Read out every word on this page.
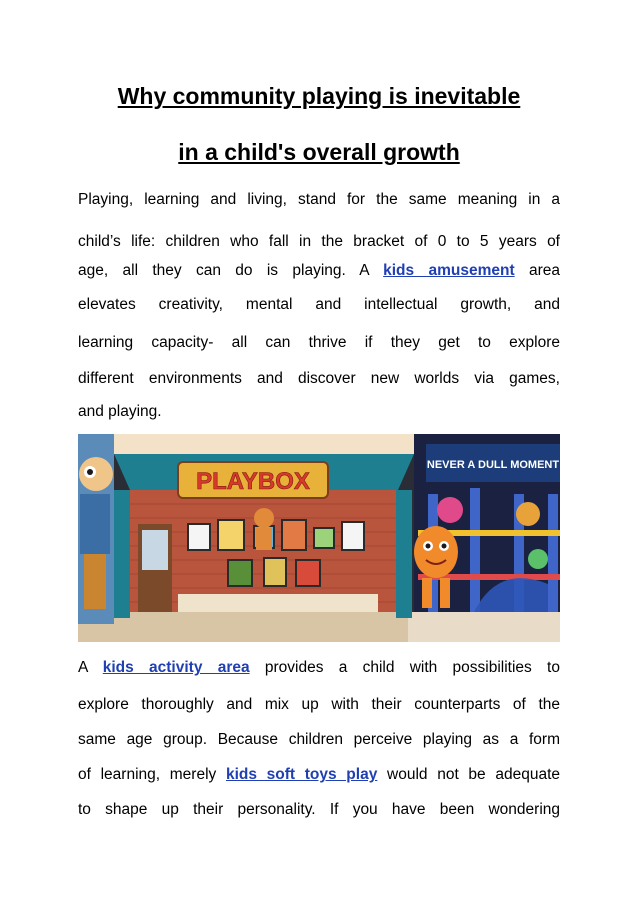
Why community playing is inevitable
in a child's overall growth
Playing, learning and living, stand for the same meaning in a
child’s life: children who fall in the bracket of 0 to 5 years of
age, all they can do is playing. A kids amusement area
elevates creativity, mental and intellectual growth, and
learning capacity- all can thrive if they get to explore
different environments and discover new worlds via games,
and playing.
PLAYBOX
NEVER A DULL MOMENT
A kids activity area provides a child with possibilities to
explore thoroughly and mix up with their counterparts of the
same age group. Because children perceive playing as a form
of learning, merely kids soft toys play would not be adequate
to shape up their personality. If you have been wondering
